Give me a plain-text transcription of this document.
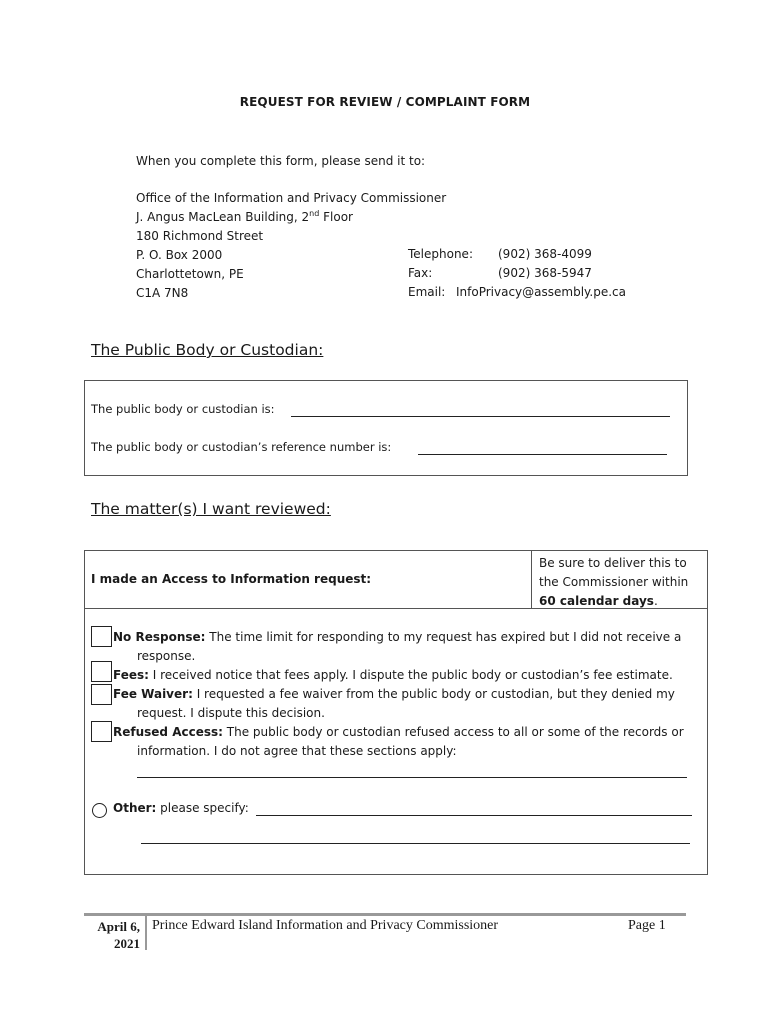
REQUEST FOR REVIEW / COMPLAINT FORM
When you complete this form, please send it to:
Office of the Information and Privacy Commissioner
J. Angus MacLean Building, 2nd Floor
180 Richmond Street
P. O. Box 2000
Charlottetown, PE
C1A 7N8
Telephone: (902) 368-4099
Fax:	(902) 368-5947
Email: InfoPrivacy@assembly.pe.ca
The Public Body or Custodian:
The public body or custodian is:
The public body or custodian’s reference number is:
The matter(s) I want reviewed:
I made an Access to Information request:
Be sure to deliver this to
the Commissioner within
60 calendar days.
No Response: The time limit for responding to my request has expired but I did not receive a
response.
Fees: I received notice that fees apply. I dispute the public body or custodian’s fee estimate.
Fee Waiver: I requested a fee waiver from the public body or custodian, but they denied my
request. I dispute this decision.
Refused Access: The public body or custodian refused access to all or some of the records or
information. I do not agree that these sections apply:
Other: please specify:
April 6,
2021
Prince Edward Island Information and Privacy Commissioner	Page 1
